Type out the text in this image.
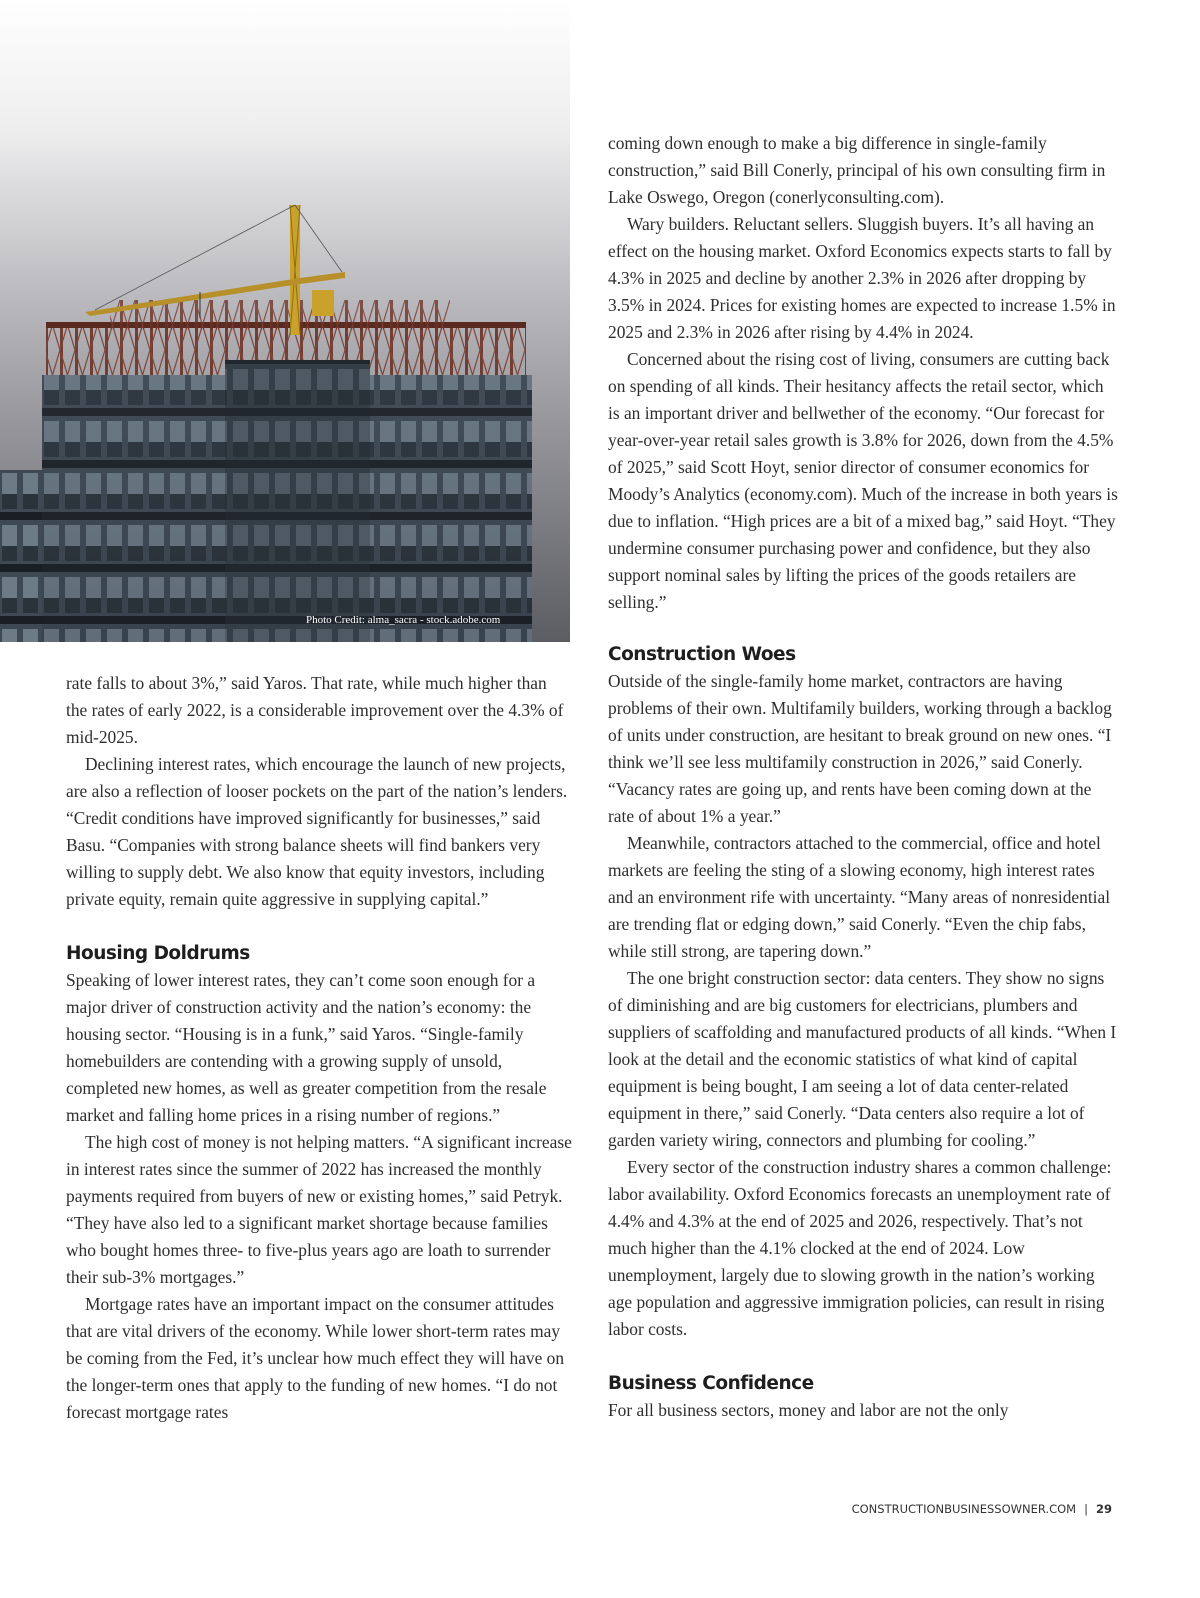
Photo Credit: alma_sacra - stock.adobe.com

rate falls to about 3%,” said Yaros. That rate, while much higher than the rates of early 2022, is a considerable improvement over the 4.3% of mid-2025.

Declining interest rates, which encourage the launch of new projects, are also a reflection of looser pockets on the part of the nation’s lenders. “Credit conditions have improved significantly for businesses,” said Basu. “Companies with strong balance sheets will find bankers very willing to supply debt. We also know that equity investors, including private equity, remain quite aggressive in supplying capital.”

Housing Doldrums

Speaking of lower interest rates, they can’t come soon enough for a major driver of construction activity and the nation’s economy: the housing sector. “Housing is in a funk,” said Yaros. “Single-family homebuilders are contending with a growing supply of unsold, completed new homes, as well as greater competition from the resale market and falling home prices in a rising number of regions.”

The high cost of money is not helping matters. “A significant increase in interest rates since the summer of 2022 has increased the monthly payments required from buyers of new or existing homes,” said Petryk. “They have also led to a significant market shortage because families who bought homes three- to five-plus years ago are loath to surrender their sub-3% mortgages.”

Mortgage rates have an important impact on the consumer attitudes that are vital drivers of the economy. While lower short-term rates may be coming from the Fed, it’s unclear how much effect they will have on the longer-term ones that apply to the funding of new homes. “I do not forecast mortgage rates

coming down enough to make a big difference in single-family construction,” said Bill Conerly, principal of his own consulting firm in Lake Oswego, Oregon (conerlyconsulting.com).

Wary builders. Reluctant sellers. Sluggish buyers. It’s all having an effect on the housing market. Oxford Economics expects starts to fall by 4.3% in 2025 and decline by another 2.3% in 2026 after dropping by 3.5% in 2024. Prices for existing homes are expected to increase 1.5% in 2025 and 2.3% in 2026 after rising by 4.4% in 2024.

Concerned about the rising cost of living, consumers are cutting back on spending of all kinds. Their hesitancy affects the retail sector, which is an important driver and bellwether of the economy. “Our forecast for year-over-year retail sales growth is 3.8% for 2026, down from the 4.5% of 2025,” said Scott Hoyt, senior director of consumer economics for Moody’s Analytics (economy.com). Much of the increase in both years is due to inflation. “High prices are a bit of a mixed bag,” said Hoyt. “They undermine consumer purchasing power and confidence, but they also support nominal sales by lifting the prices of the goods retailers are selling.”

Construction Woes

Outside of the single-family home market, contractors are having problems of their own. Multifamily builders, working through a backlog of units under construction, are hesitant to break ground on new ones. “I think we’ll see less multifamily construction in 2026,” said Conerly. “Vacancy rates are going up, and rents have been coming down at the rate of about 1% a year.”

Meanwhile, contractors attached to the commercial, office and hotel markets are feeling the sting of a slowing economy, high interest rates and an environment rife with uncertainty. “Many areas of nonresidential are trending flat or edging down,” said Conerly. “Even the chip fabs, while still strong, are tapering down.”

The one bright construction sector: data centers. They show no signs of diminishing and are big customers for electricians, plumbers and suppliers of scaffolding and manufactured products of all kinds. “When I look at the detail and the economic statistics of what kind of capital equipment is being bought, I am seeing a lot of data center-related equipment in there,” said Conerly. “Data centers also require a lot of garden variety wiring, connectors and plumbing for cooling.”

Every sector of the construction industry shares a common challenge: labor availability. Oxford Economics forecasts an unemployment rate of 4.4% and 4.3% at the end of 2025 and 2026, respectively. That’s not much higher than the 4.1% clocked at the end of 2024. Low unemployment, largely due to slowing growth in the nation’s working age population and aggressive immigration policies, can result in rising labor costs.

Business Confidence

For all business sectors, money and labor are not the only

CONSTRUCTIONBUSINESSOWNER.COM | 29
